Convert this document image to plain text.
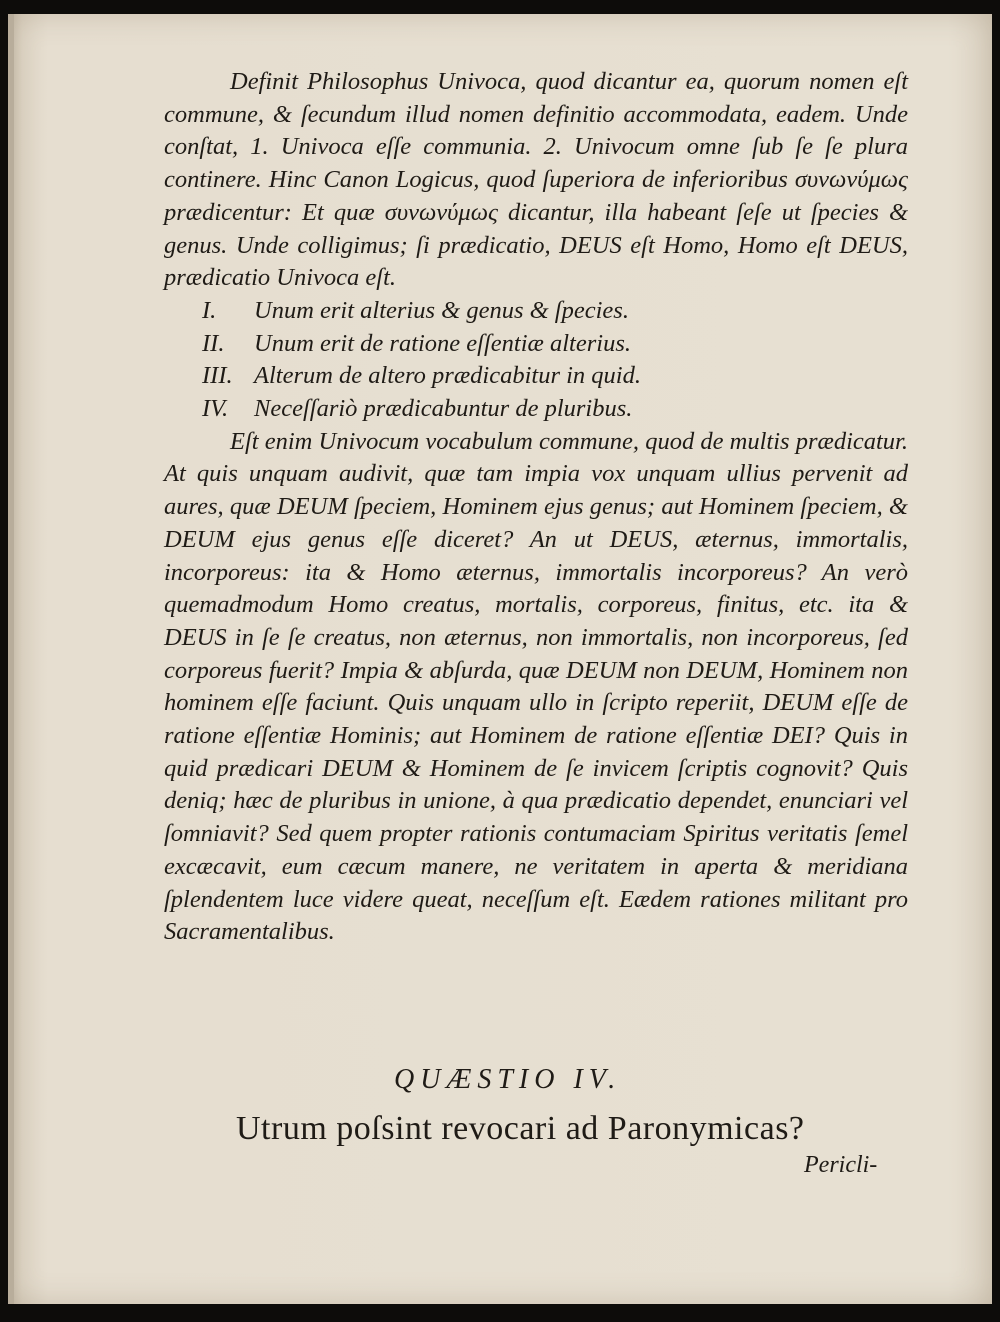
Definit Philosophus Univoca, quod dicantur ea, quorum nomen eſt commune, & ſecundum illud nomen definitio accommodata, eadem. Unde conſtat, 1. Univoca eſſe communia. 2. Univocum omne ſub ſe ſe plura continere. Hinc Canon Logicus, quod ſuperiora de inferioribus συνωνύμως prædicentur: Et quæ συνωνύμως dicantur, illa habeant ſeſe ut ſpecies & genus. Unde colligimus; ſi prædicatio, DEUS eſt Homo, Homo eſt DEUS, prædicatio Univoca eſt.

I.	Unum erit alterius & genus & ſpecies.
II.	Unum erit de ratione eſſentiæ alterius.
III. Alterum de altero prædicabitur in quid.
IV.	Neceſſariò prædicabuntur de pluribus.

Eſt enim Univocum vocabulum commune, quod de multis prædicatur. At quis unquam audivit, quæ tam impia vox unquam ullius pervenit ad aures, quæ DEUM ſpeciem, Hominem ejus genus; aut Hominem ſpeciem, & DEUM ejus genus eſſe diceret? An ut DEUS, æternus, immortalis, incorporeus: ita & Homo æternus, immortalis incorporeus? An verò quemadmodum Homo creatus, mortalis, corporeus, finitus, etc. ita & DEUS in ſe ſe creatus, non æternus, non immortalis, non incorporeus, ſed corporeus fuerit? Impia & abſurda, quæ DEUM non DEUM, Hominem non hominem eſſe faciunt. Quis unquam ullo in ſcripto reperiit, DEUM eſſe de ratione eſſentiæ Hominis; aut Hominem de ratione eſſentiæ DEI? Quis in quid prædicari DEUM & Hominem de ſe invicem ſcriptis cognovit? Quis deniq; hæc de pluribus in unione, à qua prædicatio dependet, enunciari vel ſomniavit? Sed quem propter rationis contumaciam Spiritus veritatis ſemel excæcavit, eum cæcum manere, ne veritatem in aperta & meridiana ſplendentem luce videre queat, neceſſum eſt. Eædem rationes militant pro Sacramentalibus.

QUÆSTIO IV.
Utrum poſsint revocari ad Paronymicas?
Pericli-
